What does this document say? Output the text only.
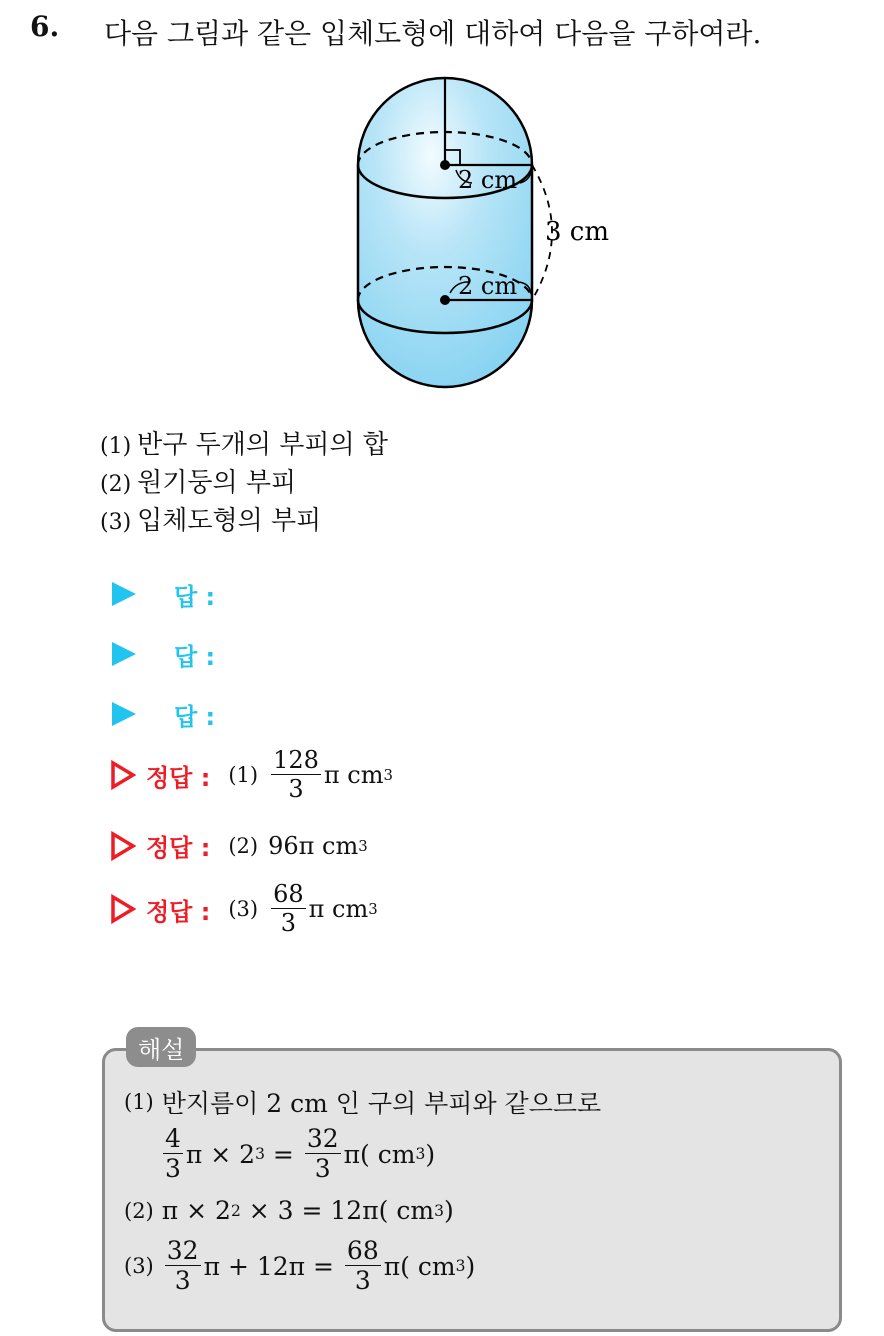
6. 다음 그림과 같은 입체도형에 대하여 다음을 구하여라.
2 cm
3 cm
2 cm
(1) 반구 두개의 부피의 합
(2) 원기둥의 부피
(3) 입체도형의 부피
답 :
답 :
답 :
정답 : $(1) \frac{128}{3}$ π cm 3
정답 : (2) 96π cm 3
정답 : $(3) \frac{68}{3}$ π cm 3
해설
(1) 반지름이 2 cm 인 구의 부피와 같으므로
$\frac{4}{3}$ π × 2 $3 = \frac{32}{3} \pi$( cm 3 )
(2) π × 2 2 × 3 = 12π( cm 3 )
$(3) \frac{32}{3}$ $\pi + 12\pi = \frac{68}{3} \pi$( cm 3 )
